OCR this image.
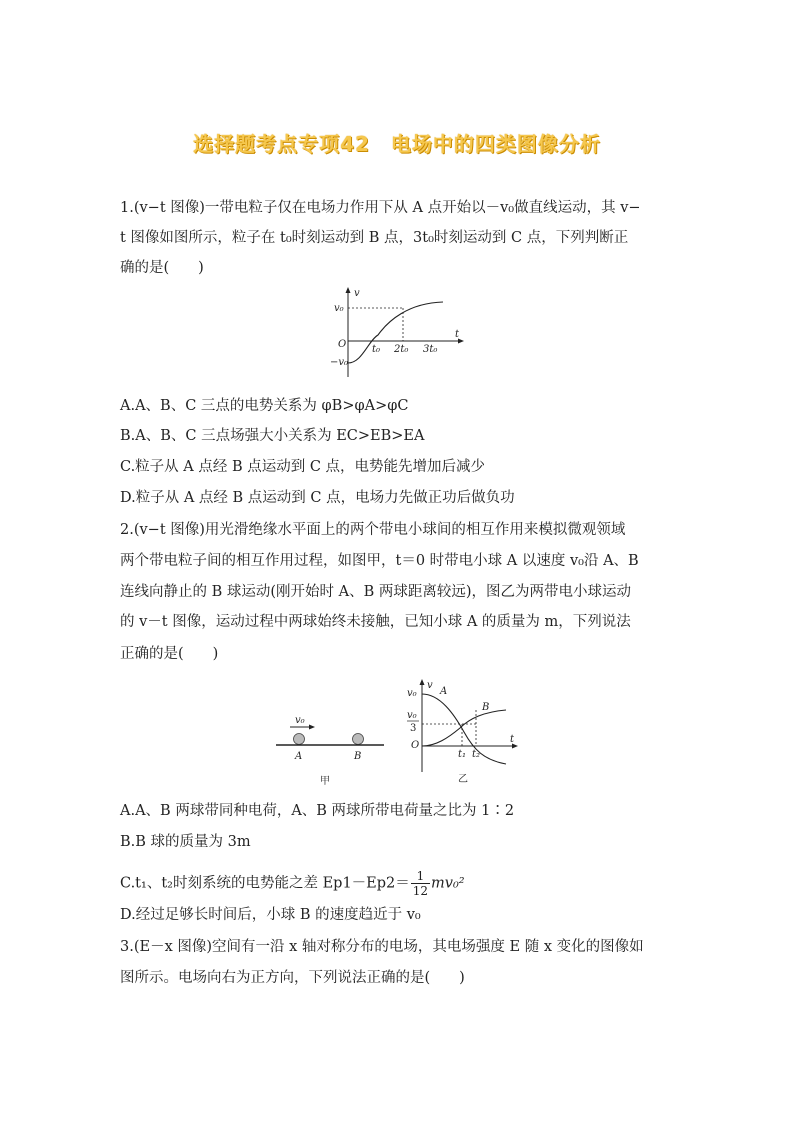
选择题考点专项42　电场中的四类图像分析
1.(v−t 图像)一带电粒子仅在电场力作用下从 A 点开始以－v₀做直线运动，其 v−
t 图像如图所示，粒子在 t₀时刻运动到 B 点，3t₀时刻运动到 C 点，下列判断正
确的是(　　)
v
t
O
v₀
−v₀
t₀ 2t₀ 3t₀
A.A、B、C 三点的电势关系为 φB>φA>φC
B.A、B、C 三点场强大小关系为 EC>EB>EA
C.粒子从 A 点经 B 点运动到 C 点，电势能先增加后减少
D.粒子从 A 点经 B 点运动到 C 点，电场力先做正功后做负功
2.(v−t 图像)用光滑绝缘水平面上的两个带电小球间的相互作用来模拟微观领域
两个带电粒子间的相互作用过程，如图甲，t＝0 时带电小球 A 以速度 v₀沿 A、B
连线向静止的 B 球运动(刚开始时 A、B 两球距离较远)，图乙为两带电小球运动
的 v－t 图像，运动过程中两球始终未接触，已知小球 A 的质量为 m，下列说法
正确的是(　　)
v₀
A	B
甲
v
t
v₀
v₀
3
O
A
B
t₁ t₂
乙
A.A、B 两球带同种电荷，A、B 两球所带电荷量之比为 1∶2
B.B 球的质量为 3m
C.t₁、t₂时刻系统的电势能之差 $Ep1-Ep2= \frac{1}{12} mv_0^2$
D.经过足够长时间后，小球 B 的速度趋近于 v₀
3.(E－x 图像)空间有一沿 x 轴对称分布的电场，其电场强度 E 随 x 变化的图像如
图所示。电场向右为正方向，下列说法正确的是(　　)
